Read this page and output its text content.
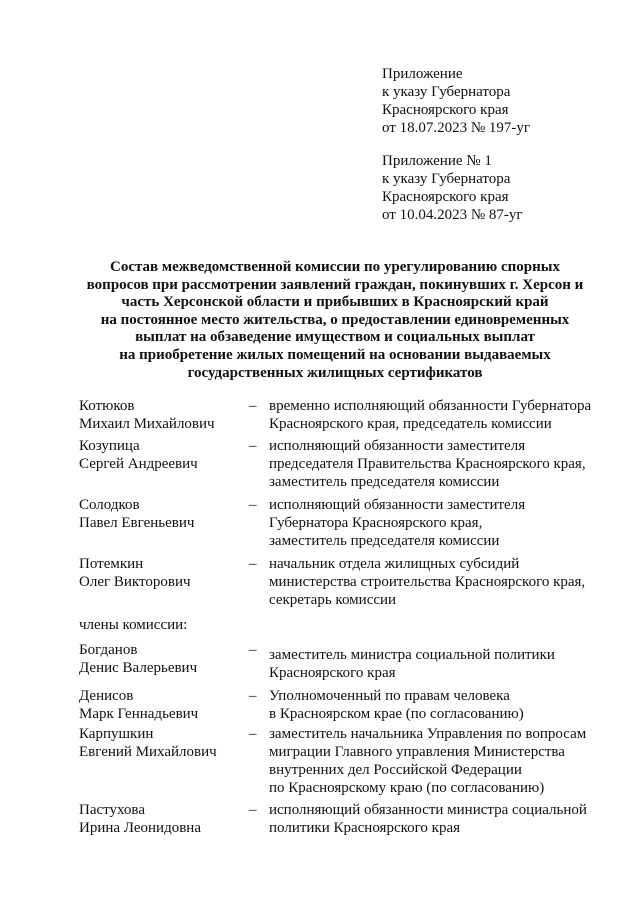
Приложение
к указу Губернатора
Красноярского края
от 18.07.2023 № 197-уг
Приложение № 1
к указу Губернатора
Красноярского края
от 10.04.2023 № 87-уг
Состав межведомственной комиссии по урегулированию спорных
вопросов при рассмотрении заявлений граждан, покинувших г. Херсон и
часть Херсонской области и прибывших в Красноярский край
на постоянное место жительства, о предоставлении единовременных
выплат на обзаведение имуществом и социальных выплат
на приобретение жилых помещений на основании выдаваемых
государственных жилищных сертификатов
Котюков
Михаил Михайлович
– временно исполняющий обязанности Губернатора
Красноярского края, председатель комиссии
Козупица
Сергей Андреевич
– исполняющий обязанности заместителя
председателя Правительства Красноярского края,
заместитель председателя комиссии
Солодков
Павел Евгеньевич
– исполняющий обязанности заместителя
Губернатора Красноярского края,
заместитель председателя комиссии
Потемкин
Олег Викторович
– начальник отдела жилищных субсидий
министерства строительства Красноярского края,
секретарь комиссии
члены комиссии:
Богданов
Денис Валерьевич
– заместитель министра социальной политики
Красноярского края
Денисов
Марк Геннадьевич
– Уполномоченный по правам человека
в Красноярском крае (по согласованию)
Карпушкин
Евгений Михайлович
– заместитель начальника Управления по вопросам
миграции Главного управления Министерства
внутренних дел Российской Федерации
по Красноярскому краю (по согласованию)
Пастухова
Ирина Леонидовна
– исполняющий обязанности министра социальной
политики Красноярского края
